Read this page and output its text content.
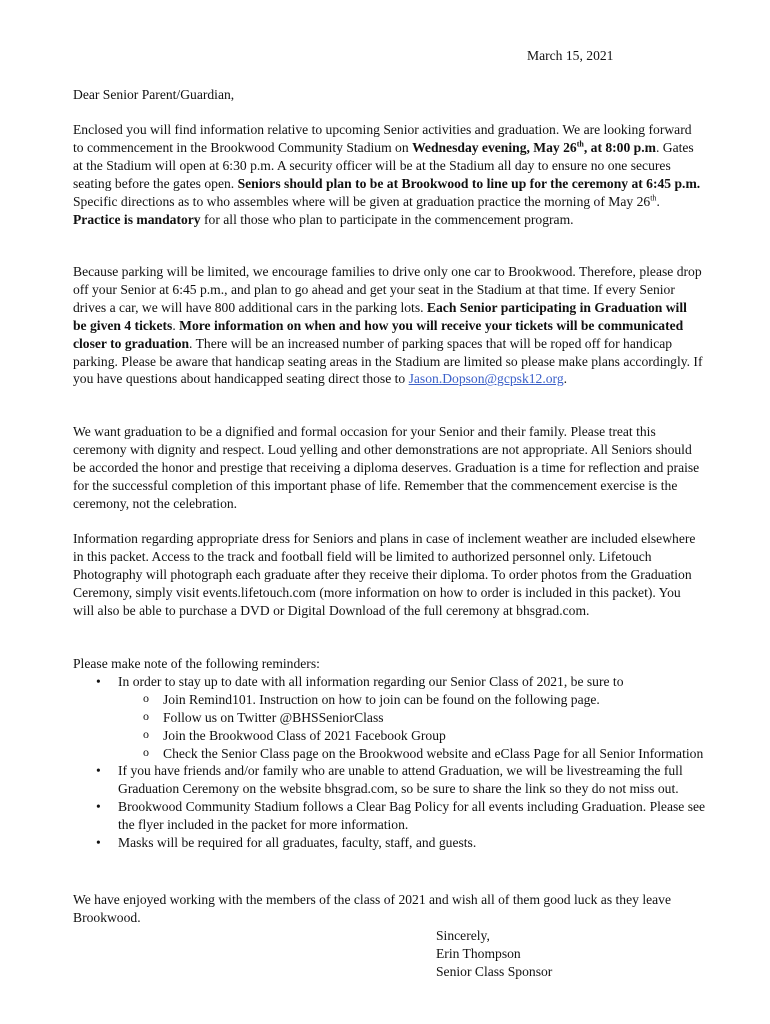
March 15, 2021
Dear Senior Parent/Guardian,

Enclosed you will find information relative to upcoming Senior activities and graduation. We are looking forward to commencement in the Brookwood Community Stadium on Wednesday evening, May 26th, at 8:00 p.m. Gates at the Stadium will open at 6:30 p.m. A security officer will be at the Stadium all day to ensure no one secures seating before the gates open. Seniors should plan to be at Brookwood to line up for the ceremony at 6:45 p.m. Specific directions as to who assembles where will be given at graduation practice the morning of May 26th. Practice is mandatory for all those who plan to participate in the commencement program.

Because parking will be limited, we encourage families to drive only one car to Brookwood. Therefore, please drop off your Senior at 6:45 p.m., and plan to go ahead and get your seat in the Stadium at that time. If every Senior drives a car, we will have 800 additional cars in the parking lots. Each Senior participating in Graduation will be given 4 tickets. More information on when and how you will receive your tickets will be communicated closer to graduation. There will be an increased number of parking spaces that will be roped off for handicap parking. Please be aware that handicap seating areas in the Stadium are limited so please make plans accordingly. If you have questions about handicapped seating direct those to Jason.Dopson@gcpsk12.org.

We want graduation to be a dignified and formal occasion for your Senior and their family. Please treat this ceremony with dignity and respect. Loud yelling and other demonstrations are not appropriate. All Seniors should be accorded the honor and prestige that receiving a diploma deserves. Graduation is a time for reflection and praise for the successful completion of this important phase of life. Remember that the commencement exercise is the ceremony, not the celebration.

Information regarding appropriate dress for Seniors and plans in case of inclement weather are included elsewhere in this packet. Access to the track and football field will be limited to authorized personnel only. Lifetouch Photography will photograph each graduate after they receive their diploma. To order photos from the Graduation Ceremony, simply visit events.lifetouch.com (more information on how to order is included in this packet). You will also be able to purchase a DVD or Digital Download of the full ceremony at bhsgrad.com.

Please make note of the following reminders:
• In order to stay up to date with all information regarding our Senior Class of 2021, be sure to
o Join Remind101. Instruction on how to join can be found on the following page.
o Follow us on Twitter @BHSSeniorClass
o Join the Brookwood Class of 2021 Facebook Group
o Check the Senior Class page on the Brookwood website and eClass Page for all Senior Information
• If you have friends and/or family who are unable to attend Graduation, we will be livestreaming the full Graduation Ceremony on the website bhsgrad.com, so be sure to share the link so they do not miss out.
• Brookwood Community Stadium follows a Clear Bag Policy for all events including Graduation. Please see the flyer included in the packet for more information.
• Masks will be required for all graduates, faculty, staff, and guests.

We have enjoyed working with the members of the class of 2021 and wish all of them good luck as they leave Brookwood.

Sincerely,
Erin Thompson
Senior Class Sponsor
